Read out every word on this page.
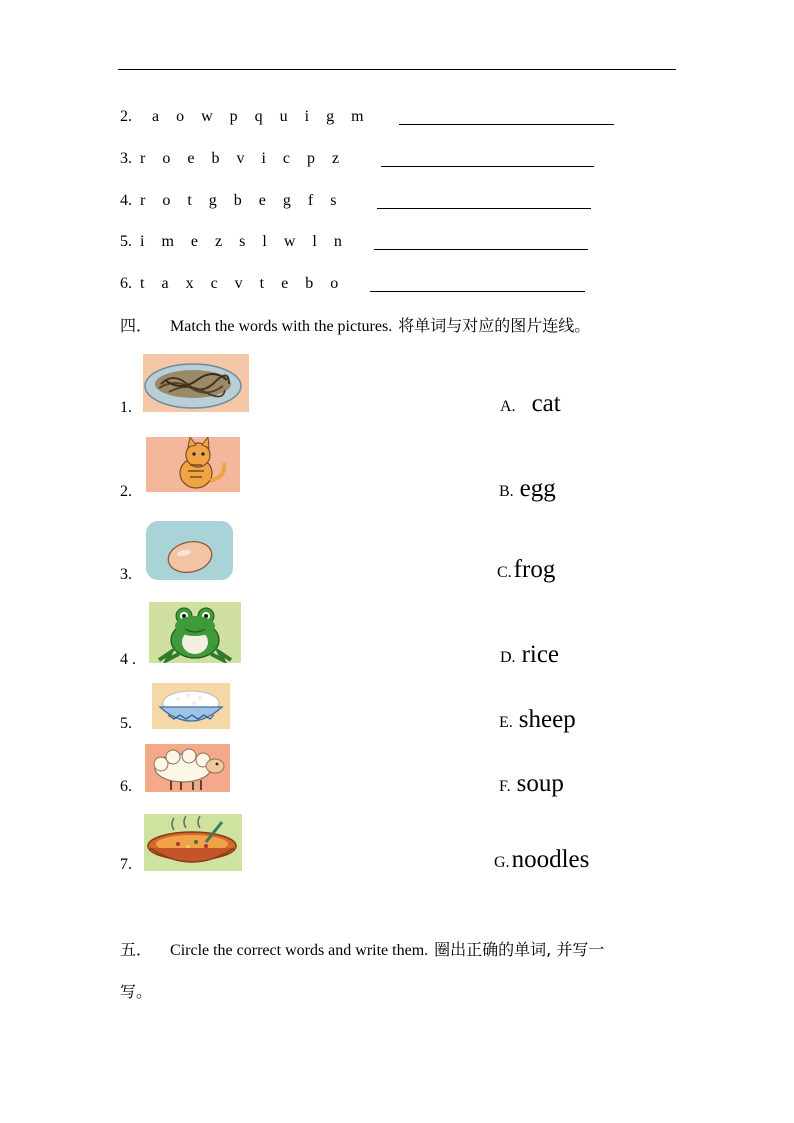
2. a o w p q u i g m
3. r o e b v i c p z
4. r o t g b e g f s
5. i m e z s l w l n
6. t a x c v t e b o
四． Match the words with the pictures. 将单词与对应的图片连线。
1.
2.
3.
4 .
5.
6.
7.
A. cat
B. egg
C.frog
D. rice
E. sheep
F. soup
G.noodles
五． Circle the correct words and write them. 圈出正确的单词, 并写一
写。
